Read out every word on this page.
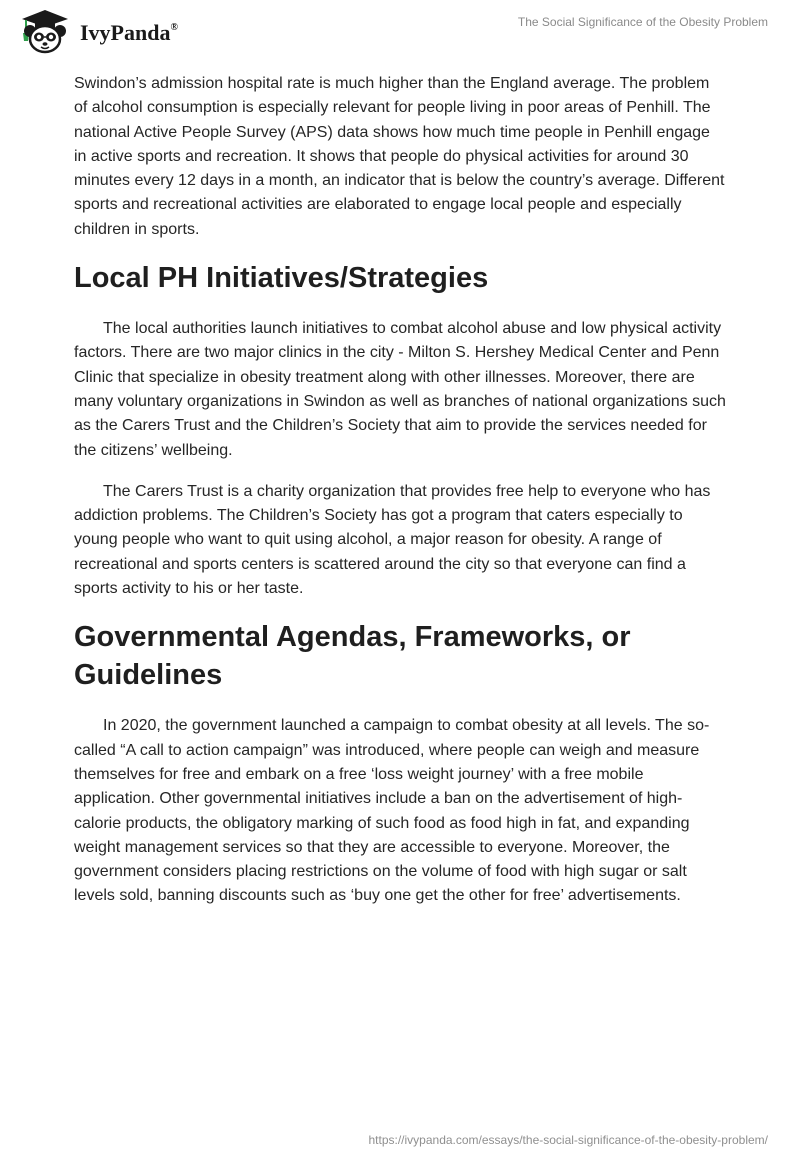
IvyPanda®	The Social Significance of the Obesity Problem

Swindon’s admission hospital rate is much higher than the England average. The problem of alcohol consumption is especially relevant for people living in poor areas of Penhill. The national Active People Survey (APS) data shows how much time people in Penhill engage in active sports and recreation. It shows that people do physical activities for around 30 minutes every 12 days in a month, an indicator that is below the country’s average. Different sports and recreational activities are elaborated to engage local people and especially children in sports.

Local PH Initiatives/Strategies

The local authorities launch initiatives to combat alcohol abuse and low physical activity factors. There are two major clinics in the city - Milton S. Hershey Medical Center and Penn Clinic that specialize in obesity treatment along with other illnesses. Moreover, there are many voluntary organizations in Swindon as well as branches of national organizations such as the Carers Trust and the Children’s Society that aim to provide the services needed for the citizens’ wellbeing.

The Carers Trust is a charity organization that provides free help to everyone who has addiction problems. The Children’s Society has got a program that caters especially to young people who want to quit using alcohol, a major reason for obesity. A range of recreational and sports centers is scattered around the city so that everyone can find a sports activity to his or her taste.

Governmental Agendas, Frameworks, or Guidelines

In 2020, the government launched a campaign to combat obesity at all levels. The so-called “A call to action campaign” was introduced, where people can weigh and measure themselves for free and embark on a free ‘loss weight journey’ with a free mobile application. Other governmental initiatives include a ban on the advertisement of high-calorie products, the obligatory marking of such food as food high in fat, and expanding weight management services so that they are accessible to everyone. Moreover, the government considers placing restrictions on the volume of food with high sugar or salt levels sold, banning discounts such as ‘buy one get the other for free’ advertisements.

https://ivypanda.com/essays/the-social-significance-of-the-obesity-problem/
